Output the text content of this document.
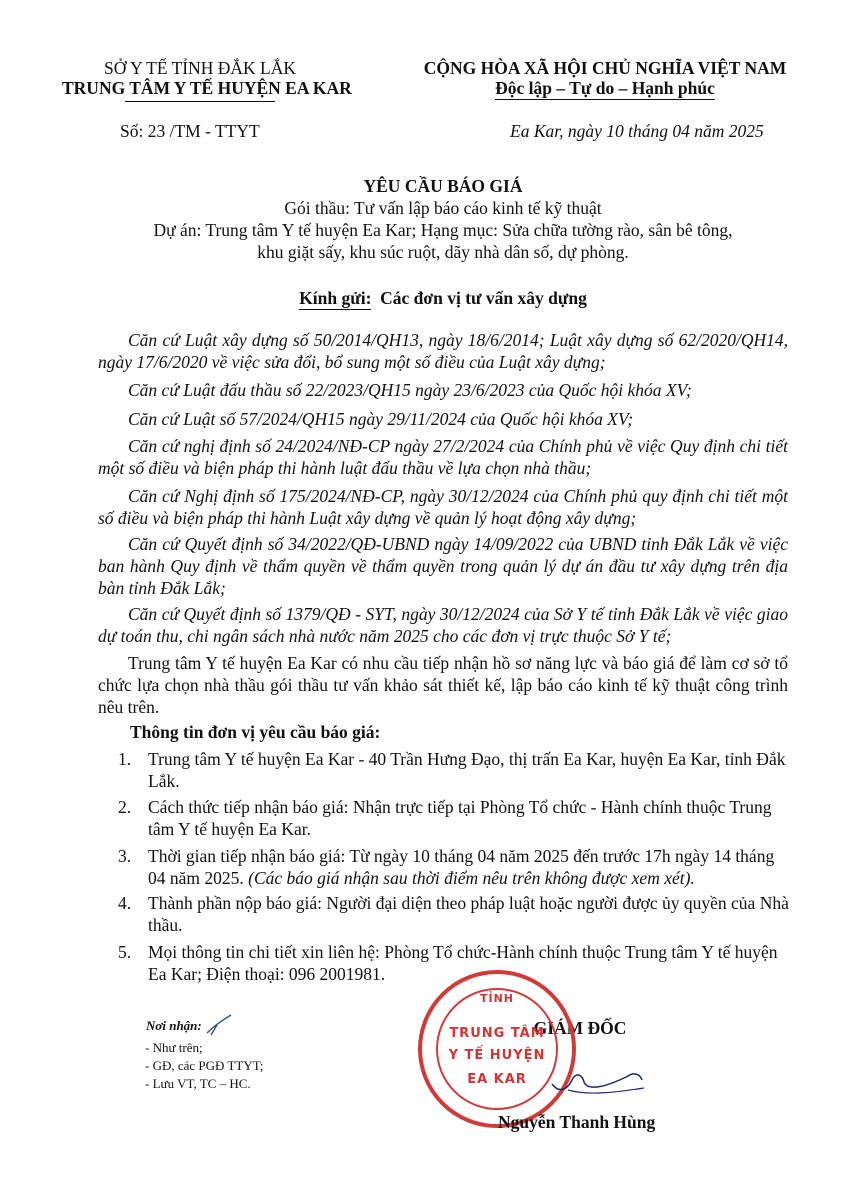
SỞ Y TẾ TỈNH ĐẮK LẮK
TRUNG TÂM Y TẾ HUYỆN EA KAR
CỘNG HÒA XÃ HỘI CHỦ NGHĨA VIỆT NAM
Độc lập – Tự do – Hạnh phúc
Số: 23 /TM - TTYT	Ea Kar, ngày 10 tháng 04 năm 2025
YÊU CẦU BÁO GIÁ
Gói thầu: Tư vấn lập báo cáo kinh tế kỹ thuật
Dự án: Trung tâm Y tế huyện Ea Kar; Hạng mục: Sửa chữa tường rào, sân bê tông,
khu giặt sấy, khu súc ruột, dãy nhà dân số, dự phòng.
Kính gửi: Các đơn vị tư vấn xây dựng
Căn cứ Luật xây dựng số 50/2014/QH13, ngày 18/6/2014; Luật xây dựng số 62/2020/QH14, ngày 17/6/2020 về việc sửa đổi, bổ sung một số điều của Luật xây dựng;
Căn cứ Luật đấu thầu số 22/2023/QH15 ngày 23/6/2023 của Quốc hội khóa XV;
Căn cứ Luật số 57/2024/QH15 ngày 29/11/2024 của Quốc hội khóa XV;
Căn cứ nghị định số 24/2024/NĐ-CP ngày 27/2/2024 của Chính phủ về việc Quy định chi tiết một số điều và biện pháp thi hành luật đấu thầu về lựa chọn nhà thầu;
Căn cứ Nghị định số 175/2024/NĐ-CP, ngày 30/12/2024 của Chính phủ quy định chi tiết một số điều và biện pháp thi hành Luật xây dựng về quản lý hoạt động xây dựng;
Căn cứ Quyết định số 34/2022/QĐ-UBND ngày 14/09/2022 của UBND tỉnh Đắk Lắk về việc ban hành Quy định về thẩm quyền về thẩm quyền trong quản lý dự án đầu tư xây dựng trên địa bàn tỉnh Đắk Lắk;
Căn cứ Quyết định số 1379/QĐ - SYT, ngày 30/12/2024 của Sở Y tế tỉnh Đắk Lắk về việc giao dự toán thu, chi ngân sách nhà nước năm 2025 cho các đơn vị trực thuộc Sở Y tế;
Trung tâm Y tế huyện Ea Kar có nhu cầu tiếp nhận hồ sơ năng lực và báo giá để làm cơ sở tổ chức lựa chọn nhà thầu gói thầu tư vấn khảo sát thiết kế, lập báo cáo kinh tế kỹ thuật công trình nêu trên.
Thông tin đơn vị yêu cầu báo giá:
1. Trung tâm Y tế huyện Ea Kar - 40 Trần Hưng Đạo, thị trấn Ea Kar, huyện Ea Kar, tỉnh Đắk Lắk.
2. Cách thức tiếp nhận báo giá: Nhận trực tiếp tại Phòng Tổ chức - Hành chính thuộc Trung tâm Y tế huyện Ea Kar.
3. Thời gian tiếp nhận báo giá: Từ ngày 10 tháng 04 năm 2025 đến trước 17h ngày 14 tháng 04 năm 2025. (Các báo giá nhận sau thời điểm nêu trên không được xem xét).
4. Thành phần nộp báo giá: Người đại diện theo pháp luật hoặc người được ủy quyền của Nhà thầu.
5. Mọi thông tin chi tiết xin liên hệ: Phòng Tổ chức-Hành chính thuộc Trung tâm Y tế huyện Ea Kar; Điện thoại: 096 2001981.
Nơi nhận:
- Như trên;
- GĐ, các PGĐ TTYT;
- Lưu VT, TC – HC.
GIÁM ĐỐC
TỈNH
TRUNG TÂM
Y TẾ HUYỆN
EA KAR
Nguyễn Thanh Hùng
